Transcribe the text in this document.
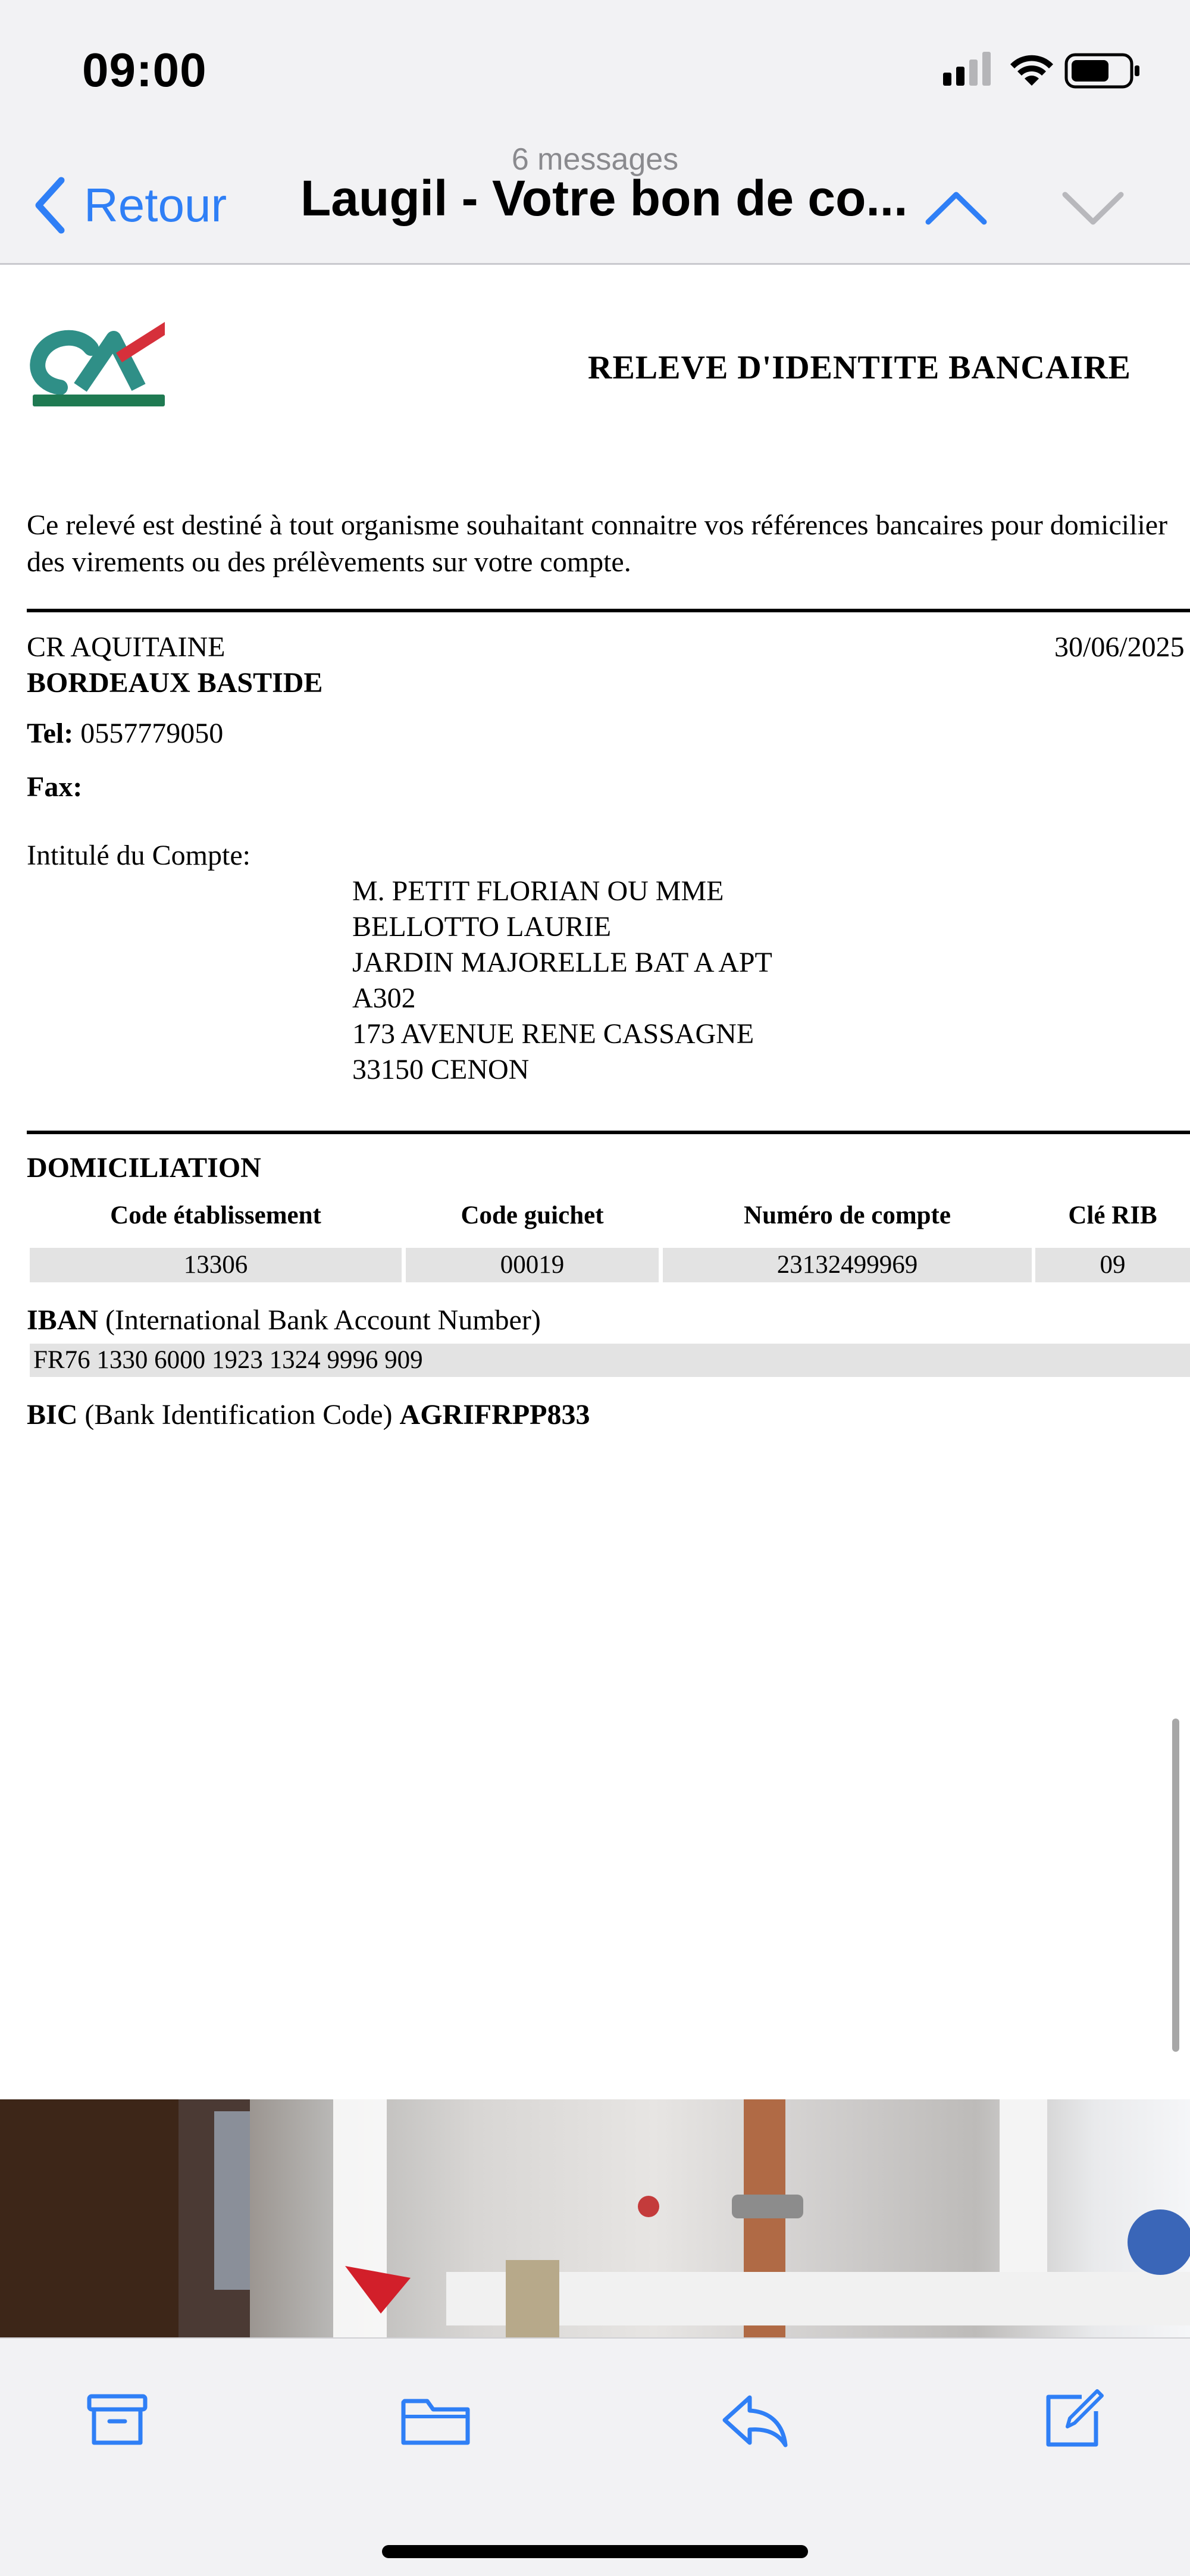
09:00
6 messages
Retour Laugil - Votre bon de co...
RELEVE D'IDENTITE BANCAIRE
Ce relevé est destiné à tout organisme souhaitant connaitre vos références bancaires pour domicilier des virements ou des prélèvements sur votre compte.
CR AQUITAINE	30/06/2025
BORDEAUX BASTIDE
Tel: 0557779050
Fax:
Intitulé du Compte:
M. PETIT FLORIAN OU MME
BELLOTTO LAURIE
JARDIN MAJORELLE BAT A APT
A302
173 AVENUE RENE CASSAGNE
33150 CENON
DOMICILIATION
Code établissement	Code guichet	Numéro de compte	Clé RIB
13306	00019	23132499969	09
IBAN (International Bank Account Number)
FR76 1330 6000 1923 1324 9996 909
BIC (Bank Identification Code) AGRIFRPP833
